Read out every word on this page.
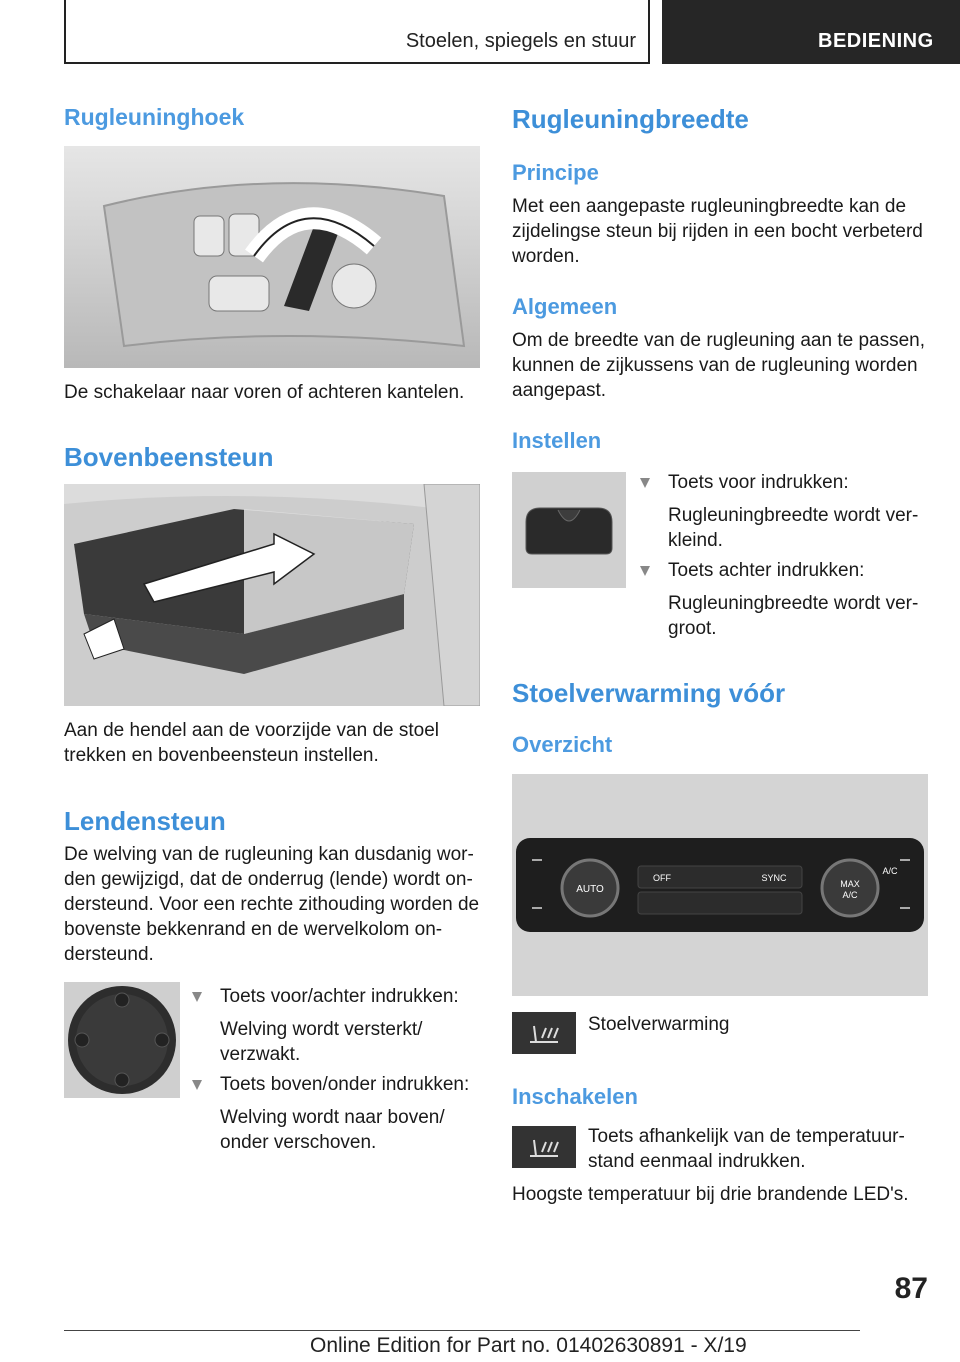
Stoelen, spiegels en stuur	BEDIENING
Rugleuninghoek

De schakelaar naar voren of achteren kantelen.

Bovenbeensteun

Aan de hendel aan de voorzijde van de stoel trekken en bovenbeensteun instellen.

Lendensteun

De welving van de rugleuning kan dusdanig worden gewijzigd, dat de onderrug (lende) wordt ondersteund. Voor een rechte zithouding worden de bovenste bekkenrand en de wervelkolom ondersteund.

Toets voor/achter indrukken:
Welving wordt versterkt/ verzwakt.
Toets boven/onder indrukken:
Welving wordt naar boven/ onder verschoven.
Rugleuningbreedte
Principe

Met een aangepaste rugleuningbreedte kan de zijdelingse steun bij rijden in een bocht verbeterd worden.

Algemeen

Om de breedte van de rugleuning aan te passen, kunnen de zijkussens van de rugleuning worden aangepast.

Instellen
Toets voor indrukken:
Rugleuningbreedte wordt verkleind.
Toets achter indrukken:
Rugleuningbreedte wordt vergroot.
Stoelverwarming vóór
Overzicht
AUTO	MAX
A/C
OFF	SYNC
A/C

Stoelverwarming

Inschakelen

Toets afhankelijk van de temperatuurstand eenmaal indrukken.

Hoogste temperatuur bij drie brandende LED's.

87
Online Edition for Part no. 01402630891 - X/19
